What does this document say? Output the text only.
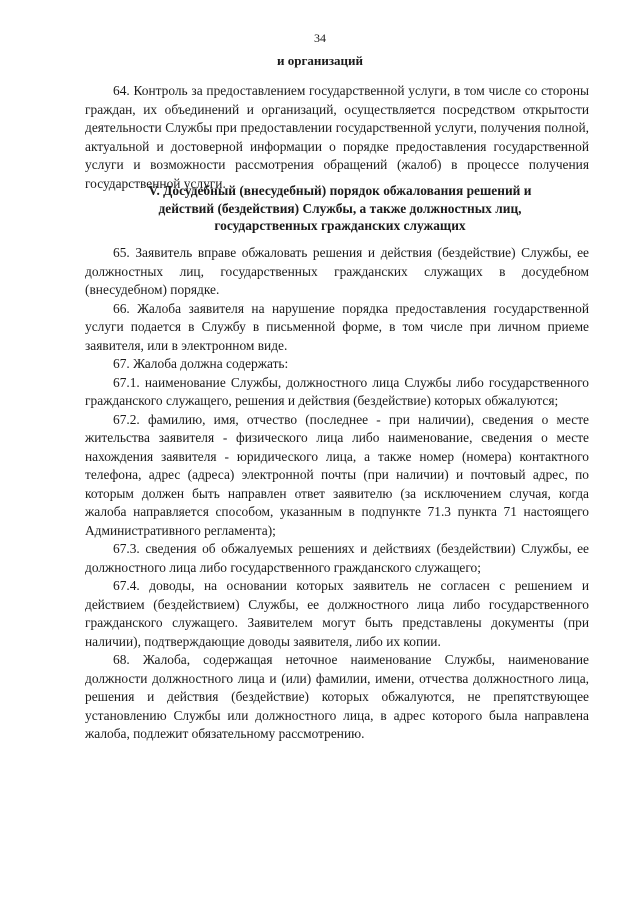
34
и организаций

64. Контроль за предоставлением государственной услуги, в том числе со стороны граждан, их объединений и организаций, осуществляется посредством открытости деятельности Службы при предоставлении государственной услуги, получения полной, актуальной и достоверной информации о порядке предоставления государственной услуги и возможности рассмотрения обращений (жалоб) в процессе получения государственной услуги.

V. Досудебный (внесудебный) порядок обжалования решений и действий (бездействия) Службы, а также должностных лиц, государственных гражданских служащих

65. Заявитель вправе обжаловать решения и действия (бездействие) Службы, ее должностных лиц, государственных гражданских служащих в досудебном (внесудебном) порядке.

66. Жалоба заявителя на нарушение порядка предоставления государственной услуги подается в Службу в письменной форме, в том числе при личном приеме заявителя, или в электронном виде.

67. Жалоба должна содержать:

67.1. наименование Службы, должностного лица Службы либо государственного гражданского служащего, решения и действия (бездействие) которых обжалуются;

67.2. фамилию, имя, отчество (последнее - при наличии), сведения о месте жительства заявителя - физического лица либо наименование, сведения о месте нахождения заявителя - юридического лица, а также номер (номера) контактного телефона, адрес (адреса) электронной почты (при наличии) и почтовый адрес, по которым должен быть направлен ответ заявителю (за исключением случая, когда жалоба направляется способом, указанным в подпункте 71.3 пункта 71 настоящего Административного регламента);

67.3. сведения об обжалуемых решениях и действиях (бездействии) Службы, ее должностного лица либо государственного гражданского служащего;

67.4. доводы, на основании которых заявитель не согласен с решением и действием (бездействием) Службы, ее должностного лица либо государственного гражданского служащего. Заявителем могут быть представлены документы (при наличии), подтверждающие доводы заявителя, либо их копии.

68. Жалоба, содержащая неточное наименование Службы, наименование должности должностного лица и (или) фамилии, имени, отчества должностного лица, решения и действия (бездействие) которых обжалуются, не препятствующее установлению Службы или должностного лица, в адрес которого была направлена жалоба, подлежит обязательному рассмотрению.
